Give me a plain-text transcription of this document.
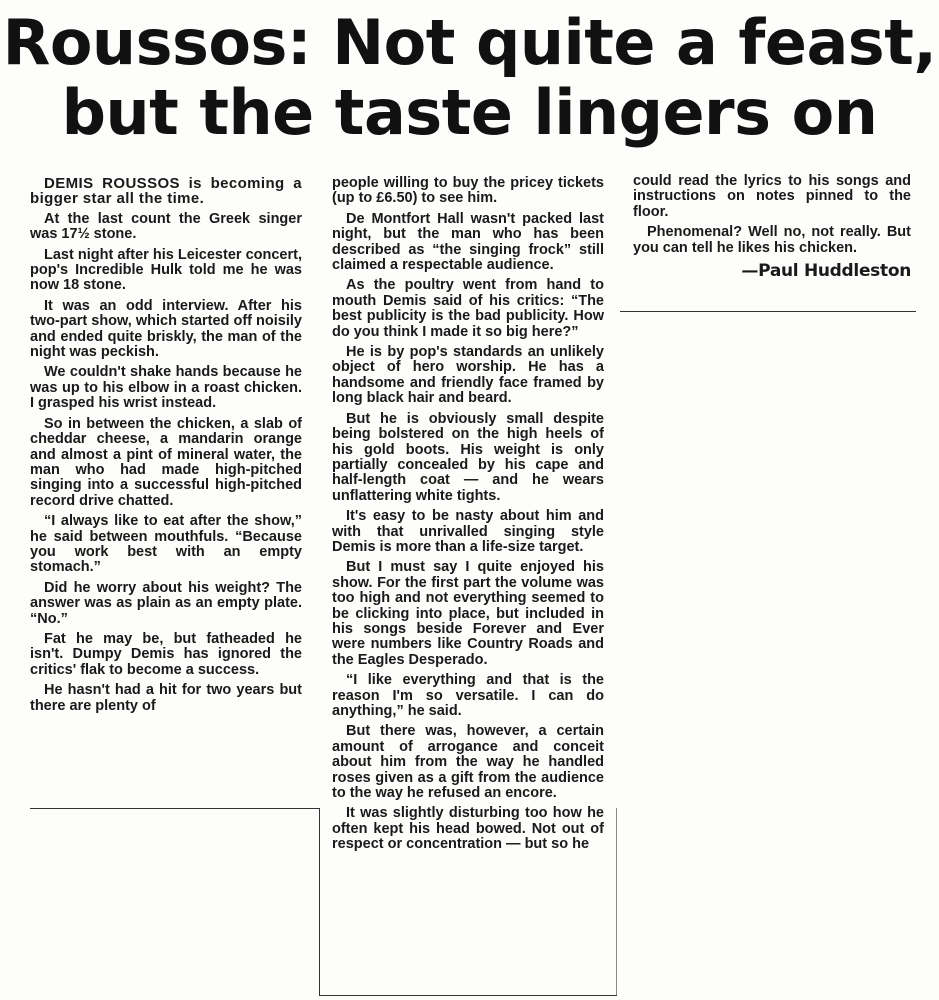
Roussos: Not quite a feast,
but the taste lingers on

DEMIS ROUSSOS is becoming a bigger star all the time.

At the last count the Greek singer was 17½ stone.

Last night after his Leicester concert, pop's Incredible Hulk told me he was now 18 stone.

It was an odd interview. After his two-part show, which started off noisily and ended quite briskly, the man of the night was peckish.

We couldn't shake hands because he was up to his elbow in a roast chicken. I grasped his wrist instead.

So in between the chicken, a slab of cheddar cheese, a mandarin orange and almost a pint of mineral water, the man who had made high-pitched singing into a successful high-pitched record drive chatted.

“I always like to eat after the show,” he said between mouthfuls. “Because you work best with an empty stomach.”

Did he worry about his weight? The answer was as plain as an empty plate. “No.”

Fat he may be, but fatheaded he isn't. Dumpy Demis has ignored the critics' flak to become a success.

He hasn't had a hit for two years but there are plenty of

people willing to buy the pricey tickets (up to £6.50) to see him.

De Montfort Hall wasn't packed last night, but the man who has been described as “the singing frock” still claimed a respectable audience.

As the poultry went from hand to mouth Demis said of his critics: “The best publicity is the bad publicity. How do you think I made it so big here?”

He is by pop's standards an unlikely object of hero worship. He has a handsome and friendly face framed by long black hair and beard.

But he is obviously small despite being bolstered on the high heels of his gold boots. His weight is only partially concealed by his cape and half-length coat — and he wears unflattering white tights.

It's easy to be nasty about him and with that unrivalled singing style Demis is more than a life-size target.

But I must say I quite enjoyed his show. For the first part the volume was too high and not everything seemed to be clicking into place, but included in his songs beside Forever and Ever were numbers like Country Roads and the Eagles Desperado.

“I like everything and that is the reason I'm so versatile. I can do anything,” he said.

But there was, however, a certain amount of arrogance and conceit about him from the way he handled roses given as a gift from the audience to the way he refused an encore.

It was slightly disturbing too how he often kept his head bowed. Not out of respect or concentration — but so he

could read the lyrics to his songs and instructions on notes pinned to the floor.

Phenomenal? Well no, not really. But you can tell he likes his chicken.

—Paul Huddleston
